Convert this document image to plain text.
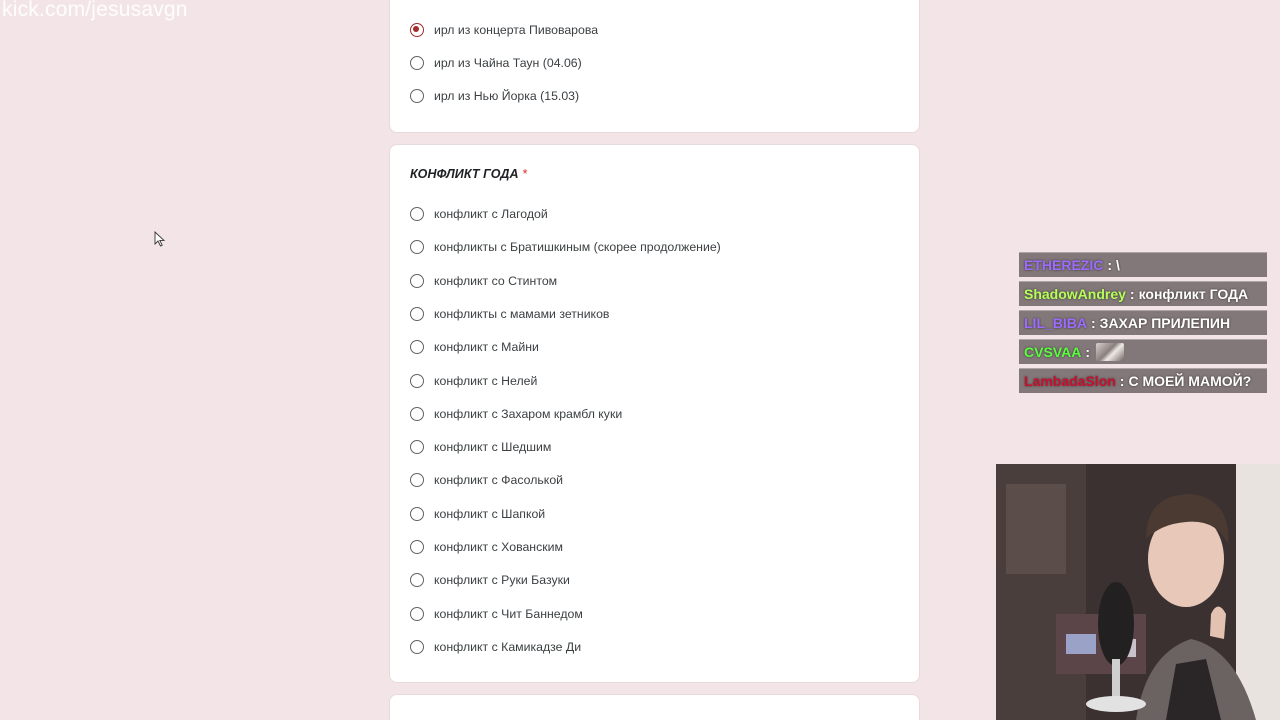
kick.com/jesusavgn
ирл из концерта Пивоварова
ирл из Чайна Таун (04.06)
ирл из Нью Йорка (15.03)
КОНФЛИКТ ГОДА *
конфликт с Лагодой
конфликты с Братишкиным (скорее продолжение)
конфликт со Стинтом
конфликты с мамами зетников
конфликт с Майни
конфликт с Нелей
конфликт с Захаром крамбл куки
конфликт с Шедшим
конфликт с Фасолькой
конфликт с Шапкой
конфликт с Хованским
конфликт с Руки Базуки
конфликт с Чит Баннедом
конфликт с Камикадзе Ди
ETHEREZIC : \
ShadowAndrey : конфликт ГОДА
LIL_BIBA : ЗАХАР ПРИЛЕПИН
CVSVAA :
LambadaSlon : С МОЕЙ МАМОЙ?
